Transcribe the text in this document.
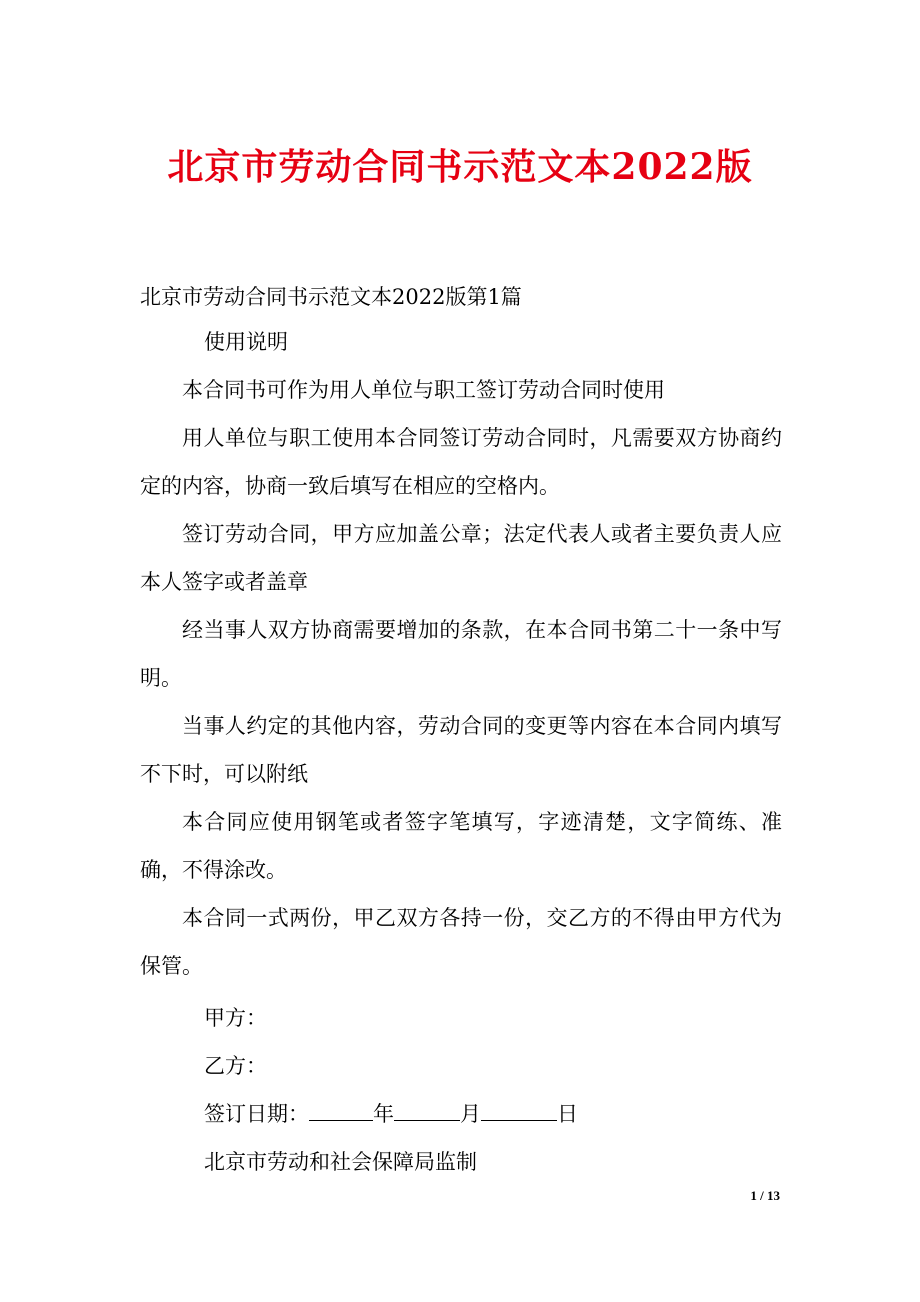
北京市劳动合同书示范文本2022版
北京市劳动合同书示范文本2022版第1篇
使用说明
本合同书可作为用人单位与职工签订劳动合同时使用
用人单位与职工使用本合同签订劳动合同时，凡需要双方协商约定的内容，协商一致后填写在相应的空格内。
签订劳动合同，甲方应加盖公章；法定代表人或者主要负责人应本人签字或者盖章
经当事人双方协商需要增加的条款，在本合同书第二十一条中写明。
当事人约定的其他内容，劳动合同的变更等内容在本合同内填写不下时，可以附纸
本合同应使用钢笔或者签字笔填写，字迹清楚，文字简练、准确，不得涂改。
本合同一式两份，甲乙双方各持一份，交乙方的不得由甲方代为保管。
甲方：
乙方：
签订日期：	年	月	日
北京市劳动和社会保障局监制
1 / 13
